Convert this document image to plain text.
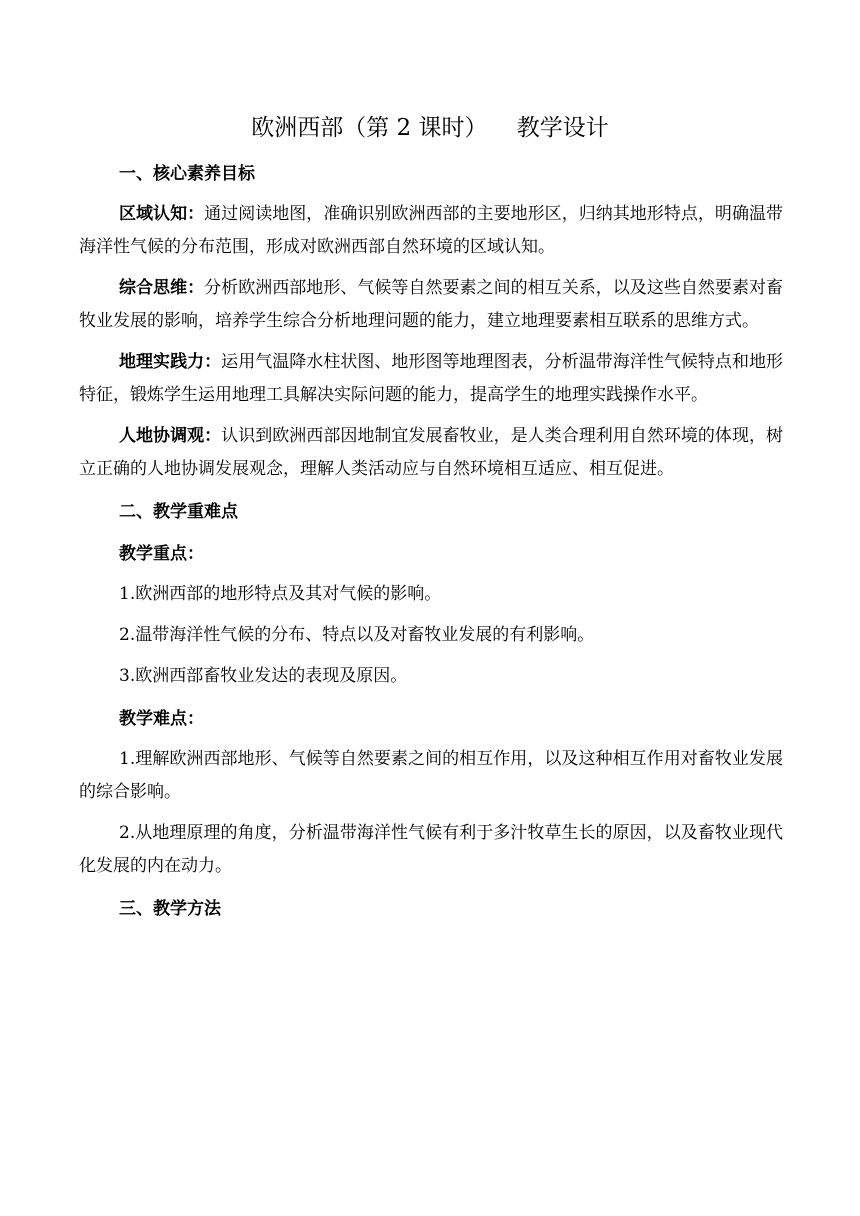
欧洲西部（第 2 课时）    教学设计
一、核心素养目标
区域认知：通过阅读地图，准确识别欧洲西部的主要地形区，归纳其地形特点，明确温带海洋性气候的分布范围，形成对欧洲西部自然环境的区域认知。
综合思维：分析欧洲西部地形、气候等自然要素之间的相互关系，以及这些自然要素对畜牧业发展的影响，培养学生综合分析地理问题的能力，建立地理要素相互联系的思维方式。
地理实践力：运用气温降水柱状图、地形图等地理图表，分析温带海洋性气候特点和地形特征，锻炼学生运用地理工具解决实际问题的能力，提高学生的地理实践操作水平。
人地协调观：认识到欧洲西部因地制宜发展畜牧业，是人类合理利用自然环境的体现，树立正确的人地协调发展观念，理解人类活动应与自然环境相互适应、相互促进。
二、教学重难点
教学重点：
1.欧洲西部的地形特点及其对气候的影响。
2.温带海洋性气候的分布、特点以及对畜牧业发展的有利影响。
3.欧洲西部畜牧业发达的表现及原因。
教学难点：
1.理解欧洲西部地形、气候等自然要素之间的相互作用，以及这种相互作用对畜牧业发展的综合影响。
2.从地理原理的角度，分析温带海洋性气候有利于多汁牧草生长的原因，以及畜牧业现代化发展的内在动力。
三、教学方法
